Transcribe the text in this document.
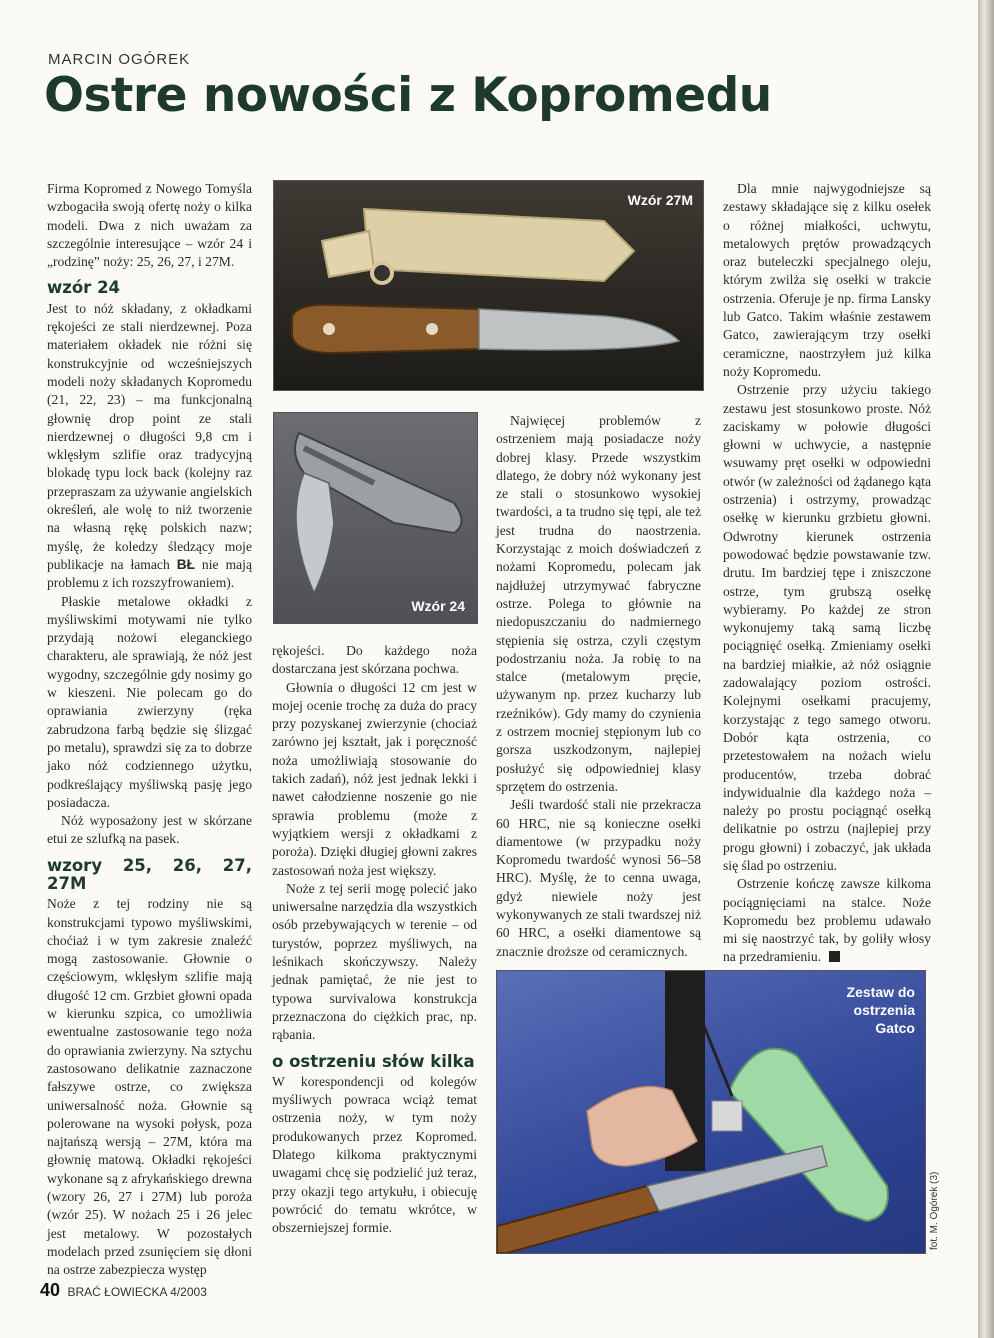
MARCIN OGÓREK
Ostre nowości z Kopromedu

Firma Kopromed z Nowego Tomyśla wzbogaciła swoją ofertę noży o kilka modeli. Dwa z nich uważam za szczególnie interesujące – wzór 24 i „rodzinę” noży: 25, 26, 27, i 27M.

wzór 24

Jest to nóż składany, z okładkami rękojeści ze stali nierdzewnej. Poza materiałem okładek nie różni się konstrukcyjnie od wcześniejszych modeli noży składanych Kopromedu (21, 22, 23) – ma funkcjonalną głownię drop point ze stali nierdzewnej o długości 9,8 cm i wklęsłym szlifie oraz tradycyjną blokadę typu lock back (kolejny raz przepraszam za używanie angielskich określeń, ale wolę to niż tworzenie na własną rękę polskich nazw; myślę, że koledzy śledzący moje publikacje na łamach BŁ nie mają problemu z ich rozszyfrowaniem).

Płaskie metalowe okładki z myśliwskimi motywami nie tylko przydają nożowi eleganckiego charakteru, ale sprawiają, że nóż jest wygodny, szczególnie gdy nosimy go w kieszeni. Nie polecam go do oprawiania zwierzyny (ręka zabrudzona farbą będzie się ślizgać po metalu), sprawdzi się za to dobrze jako nóż codziennego użytku, podkreślający myśliwską pasję jego posiadacza.

Nóż wyposażony jest w skórzane etui ze szlufką na pasek.

wzory 25, 26, 27, 27M

Noże z tej rodziny nie są konstrukcjami typowo myśliwskimi, choćiaż i w tym zakresie znaleźć mogą zastosowanie. Głownie o częściowym, wklęsłym szlifie mają długość 12 cm. Grzbiet głowni opada w kierunku szpica, co umożliwia ewentualne zastosowanie tego noża do oprawiania zwierzyny. Na sztychu zastosowano delikatnie zaznaczone fałszywe ostrze, co zwiększa uniwersalność noża. Głownie są polerowane na wysoki połysk, poza najtańszą wersją – 27M, która ma głownię matową. Okładki rękojeści wykonane są z afrykańskiego drewna (wzory 26, 27 i 27M) lub poroża (wzór 25). W nożach 25 i 26 jelec jest metalowy. W pozostałych modelach przed zsunięciem się dłoni na ostrze zabezpiecza występ

Wzór 27M
Wzór 24

rękojeści. Do każdego noża dostarczana jest skórzana pochwa.

Głownia o długości 12 cm jest w mojej ocenie trochę za duża do pracy przy pozyskanej zwierzynie (chociaż zarówno jej kształt, jak i poręczność noża umożliwiają stosowanie do takich zadań), nóż jest jednak lekki i nawet całodzienne noszenie go nie sprawia problemu (może z wyjątkiem wersji z okładkami z poroża). Dzięki długiej głowni zakres zastosowań noża jest większy.

Noże z tej serii mogę polecić jako uniwersalne narzędzia dla wszystkich osób przebywających w terenie – od turystów, poprzez myśliwych, na leśnikach skończywszy. Należy jednak pamiętać, że nie jest to typowa survivalowa konstrukcja przeznaczona do ciężkich prac, np. rąbania.

o ostrzeniu słów kilka

W korespondencji od kolegów myśliwych powraca wciąż temat ostrzenia noży, w tym noży produkowanych przez Kopromed. Dlatego kilkoma praktycznymi uwagami chcę się podzielić już teraz, przy okazji tego artykułu, i obiecuję powrócić do tematu wkrótce, w obszerniejszej formie.

Najwięcej problemów z ostrzeniem mają posiadacze noży dobrej klasy. Przede wszystkim dlatego, że dobry nóż wykonany jest ze stali o stosunkowo wysokiej twardości, a ta trudno się tępi, ale też jest trudna do naostrzenia. Korzystając z moich doświadczeń z nożami Kopromedu, polecam jak najdłużej utrzymywać fabryczne ostrze. Polega to głównie na niedopuszczaniu do nadmiernego stępienia się ostrza, czyli częstym podostrzaniu noża. Ja robię to na stalce (metalowym pręcie, używanym np. przez kucharzy lub rzeźników). Gdy mamy do czynienia z ostrzem mocniej stępionym lub co gorsza uszkodzonym, najlepiej posłużyć się odpowiedniej klasy sprzętem do ostrzenia.

Jeśli twardość stali nie przekracza 60 HRC, nie są konieczne osełki diamentowe (w przypadku noży Kopromedu twardość wynosi 56–58 HRC). Myślę, że to cenna uwaga, gdyż niewiele noży jest wykonywanych ze stali twardszej niż 60 HRC, a osełki diamentowe są znacznie droższe od ceramicznych.

Dla mnie najwygodniejsze są zestawy składające się z kilku osełek o różnej miałkości, uchwytu, metalowych prętów prowadzących oraz buteleczki specjalnego oleju, którym zwilża się osełki w trakcie ostrzenia. Oferuje je np. firma Lansky lub Gatco. Takim właśnie zestawem Gatco, zawierającym trzy osełki ceramiczne, naostrzyłem już kilka noży Kopromedu.

Ostrzenie przy użyciu takiego zestawu jest stosunkowo proste. Nóż zaciskamy w połowie długości głowni w uchwycie, a następnie wsuwamy pręt osełki w odpowiedni otwór (w zależności od żądanego kąta ostrzenia) i ostrzymy, prowadząc osełkę w kierunku grzbietu głowni. Odwrotny kierunek ostrzenia powodować będzie powstawanie tzw. drutu. Im bardziej tępe i zniszczone ostrze, tym grubszą osełkę wybieramy. Po każdej ze stron wykonujemy taką samą liczbę pociągnięć osełką. Zmieniamy osełki na bardziej miałkie, aż nóż osiągnie zadowalający poziom ostrości. Kolejnymi osełkami pracujemy, korzystając z tego samego otworu. Dobór kąta ostrzenia, co przetestowałem na nożach wielu producentów, trzeba dobrać indywidualnie dla każdego noża – należy po prostu pociągnąć osełką delikatnie po ostrzu (najlepiej przy progu głowni) i zobaczyć, jak układa się ślad po ostrzeniu.

Ostrzenie kończę zawsze kilkoma pociągnięciami na stalce. Noże Kopromedu bez problemu udawało mi się naostrzyć tak, by goliły włosy na przedramieniu.

Zestaw do
ostrzenia
Gatco
fot. M. Ogórek (3)
40 BRAĆ ŁOWIECKA 4/2003
